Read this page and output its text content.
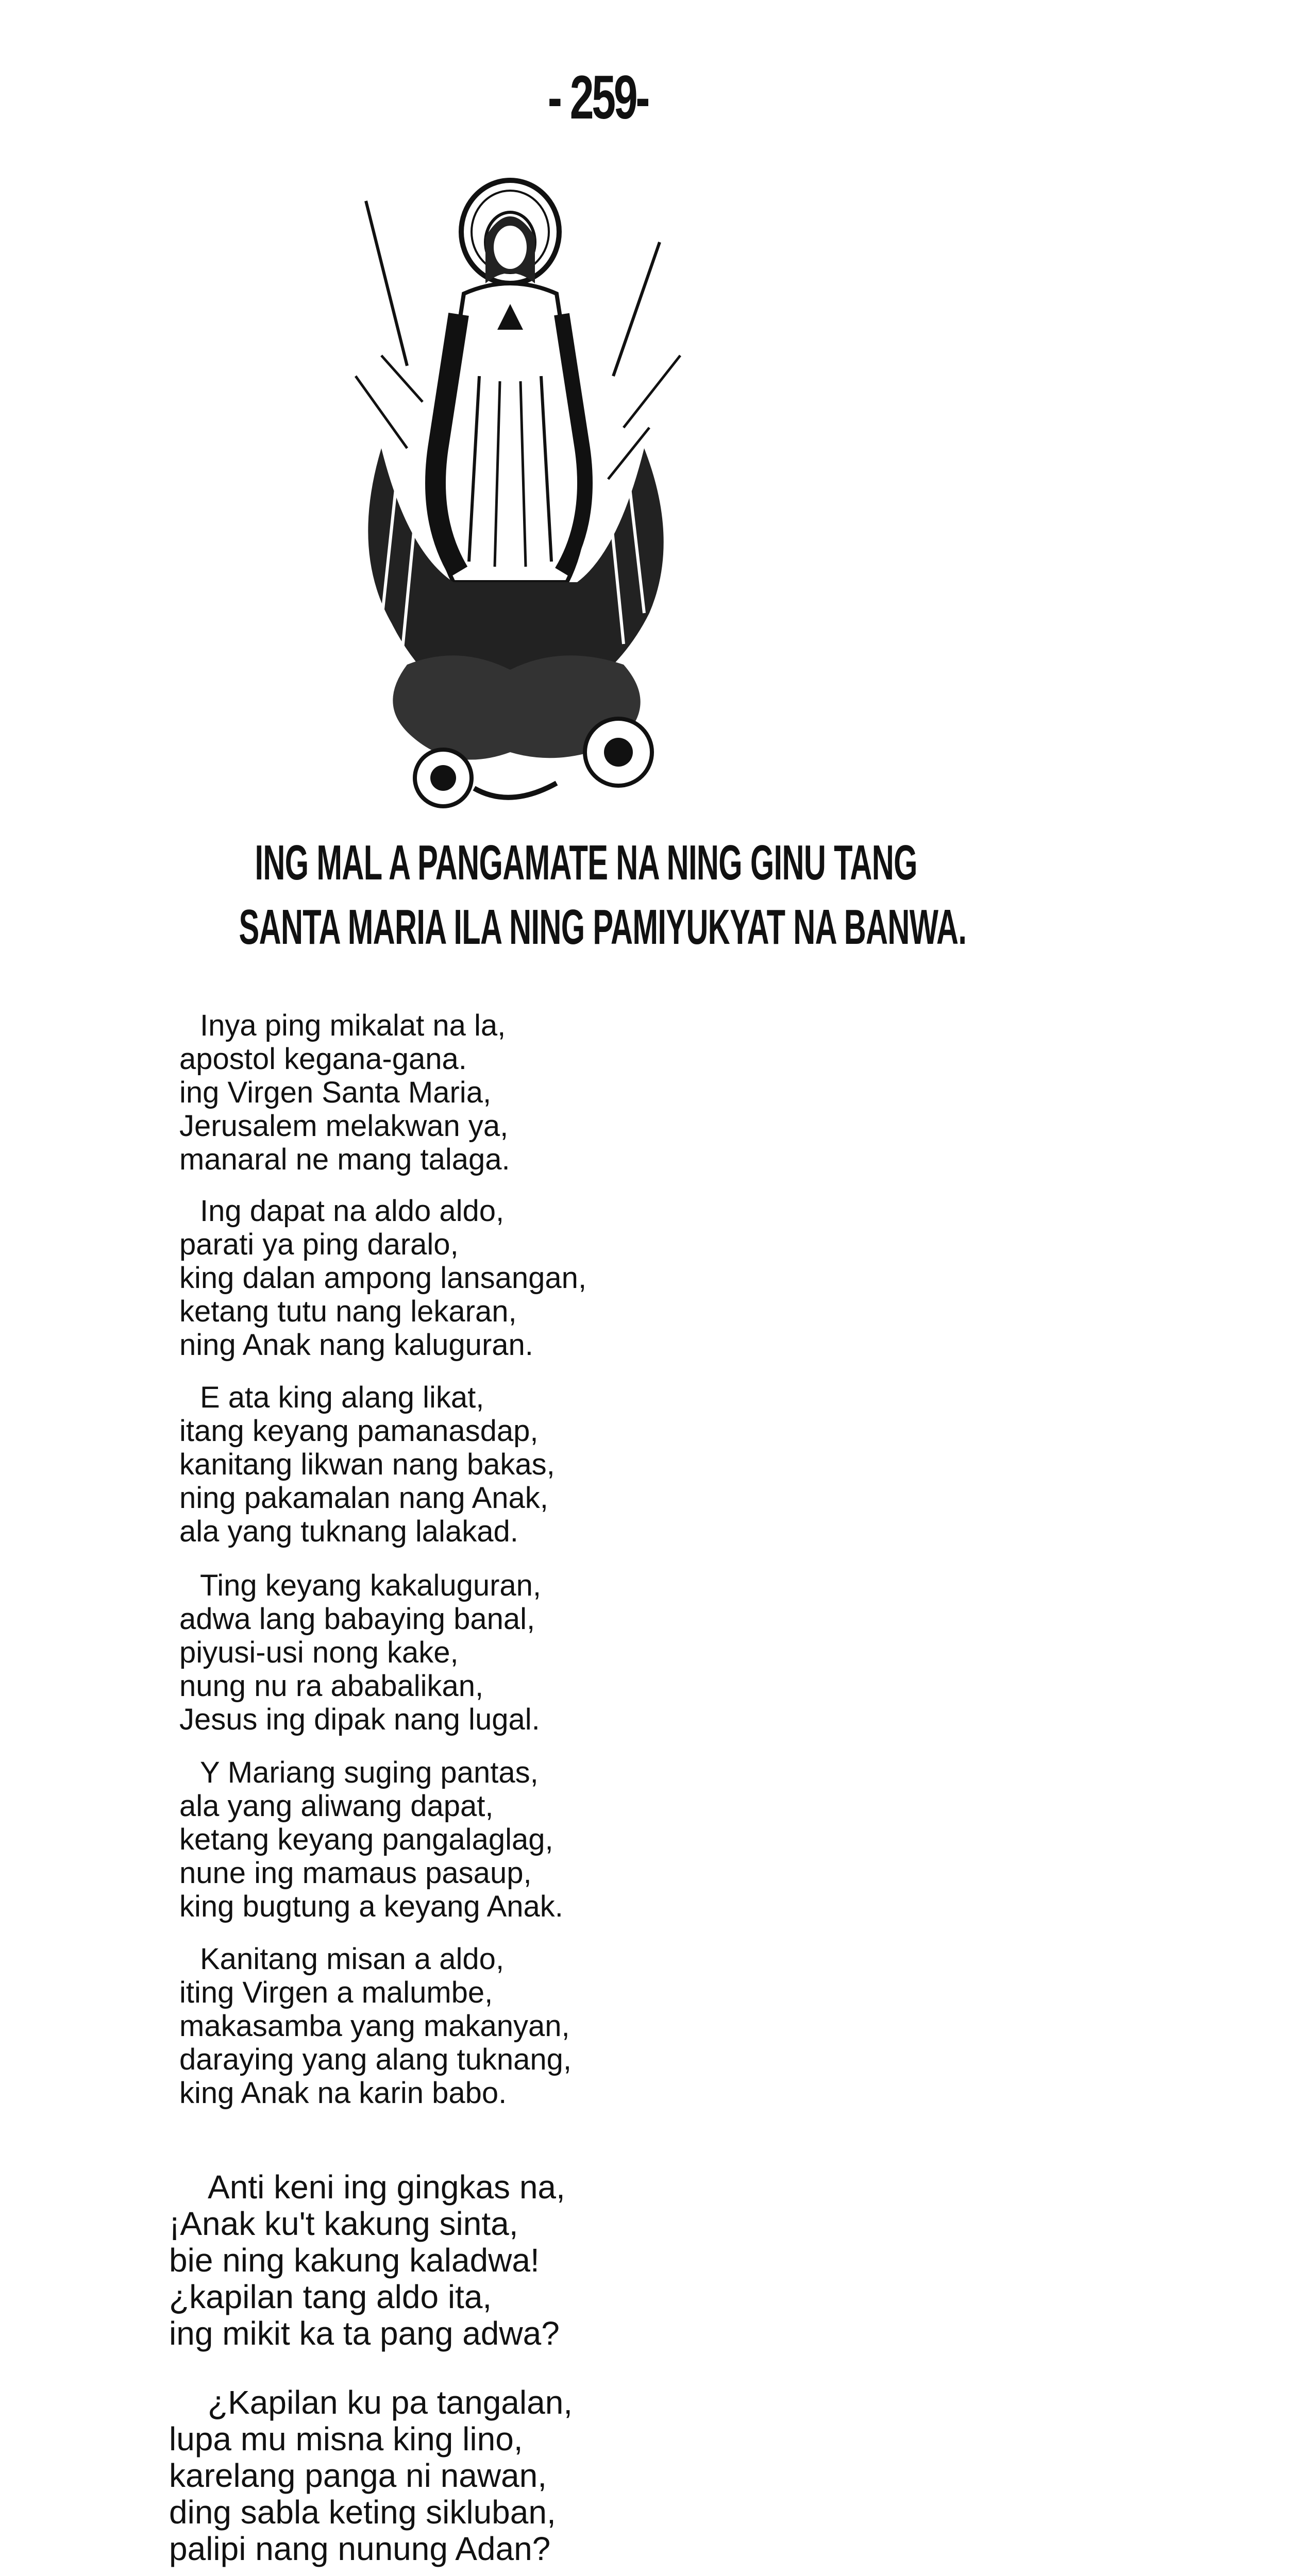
- 259-
ING MAL A PANGAMATE NA NING GINU TANG
SANTA MARIA ILA NING PAMIYUKYAT NA BANWA.
Inya ping mikalat na la,
apostol kegana-gana.
ing Virgen Santa Maria,
Jerusalem melakwan ya,
manaral ne mang talaga.
Ing dapat na aldo aldo,
parati ya ping daralo,
king dalan ampong lansangan,
ketang tutu nang lekaran,
ning Anak nang kaluguran.
E ata king alang likat,
itang keyang pamanasdap,
kanitang likwan nang bakas,
ning pakamalan nang Anak,
ala yang tuknang lalakad.
Ting keyang kakaluguran,
adwa lang babaying banal,
piyusi-usi nong kake,
nung nu ra ababalikan,
Jesus ing dipak nang lugal.
Y Mariang suging pantas,
ala yang aliwang dapat,
ketang keyang pangalaglag,
nune ing mamaus pasaup,
king bugtung a keyang Anak.
Kanitang misan a aldo,
iting Virgen a malumbe,
makasamba yang makanyan,
daraying yang alang tuknang,
king Anak na karin babo.
Anti keni ing gingkas na,
¡Anak ku't kakung sinta,
bie ning kakung kaladwa!
¿kapilan tang aldo ita,
ing mikit ka ta pang adwa?
¿Kapilan ku pa tangalan,
lupa mu misna king lino,
karelang panga ni nawan,
ding sabla keting sikluban,
palipi nang nunung Adan?
